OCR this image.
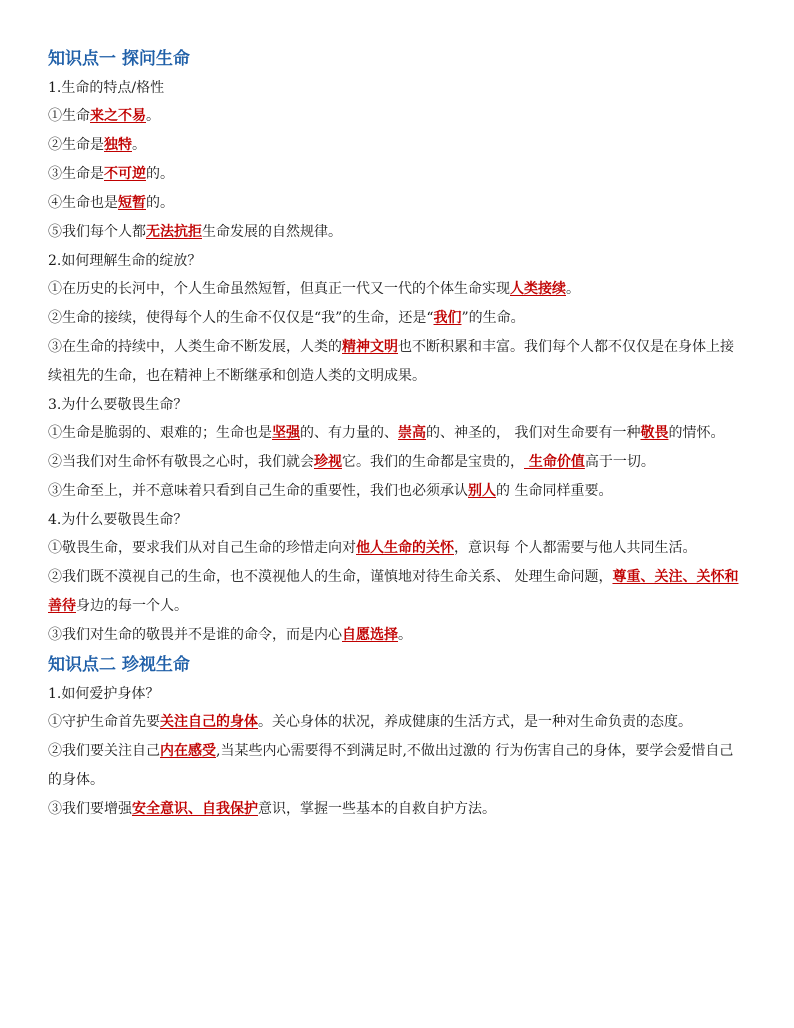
知识点一 探问生命
1.生命的特点/格性
①生命来之不易。
②生命是独特。
③生命是不可逆的。
④生命也是短暂的。
⑤我们每个人都无法抗拒生命发展的自然规律。
2.如何理解生命的绽放？
①在历史的长河中，个人生命虽然短暂，但真正一代又一代的个体生命实现人类接续。
②生命的接续，使得每个人的生命不仅仅是“我”的生命，还是“我们”的生命。
③在生命的持续中，人类生命不断发展，人类的精神文明也不断积累和丰富。我们每个人都不仅仅是在身体上接续祖先的生命，也在精神上不断继承和创造人类的文明成果。
3.为什么要敬畏生命？
①生命是脆弱的、艰难的；生命也是坚强的、有力量的、崇高的、神圣的， 我们对生命要有一种敬畏的情怀。
②当我们对生命怀有敬畏之心时，我们就会珍视它。我们的生命都是宝贵的， 生命价值高于一切。
③生命至上，并不意味着只看到自己生命的重要性，我们也必须承认别人的 生命同样重要。
4.为什么要敬畏生命？
①敬畏生命，要求我们从对自己生命的珍惜走向对他人生命的关怀，意识每 个人都需要与他人共同生活。
②我们既不漠视自己的生命，也不漠视他人的生命，谨慎地对待生命关系、 处理生命问题，尊重、关注、关怀和善待身边的每一个人。
③我们对生命的敬畏并不是谁的命令，而是内心自愿选择。
知识点二 珍视生命
1.如何爱护身体？
①守护生命首先要关注自己的身体。关心身体的状况，养成健康的生活方式，是一种对生命负责的态度。
②我们要关注自己内在感受,当某些内心需要得不到满足时,不做出过激的 行为伤害自己的身体，要学会爱惜自己的身体。
③我们要增强安全意识、自我保护意识，掌握一些基本的自救自护方法。
